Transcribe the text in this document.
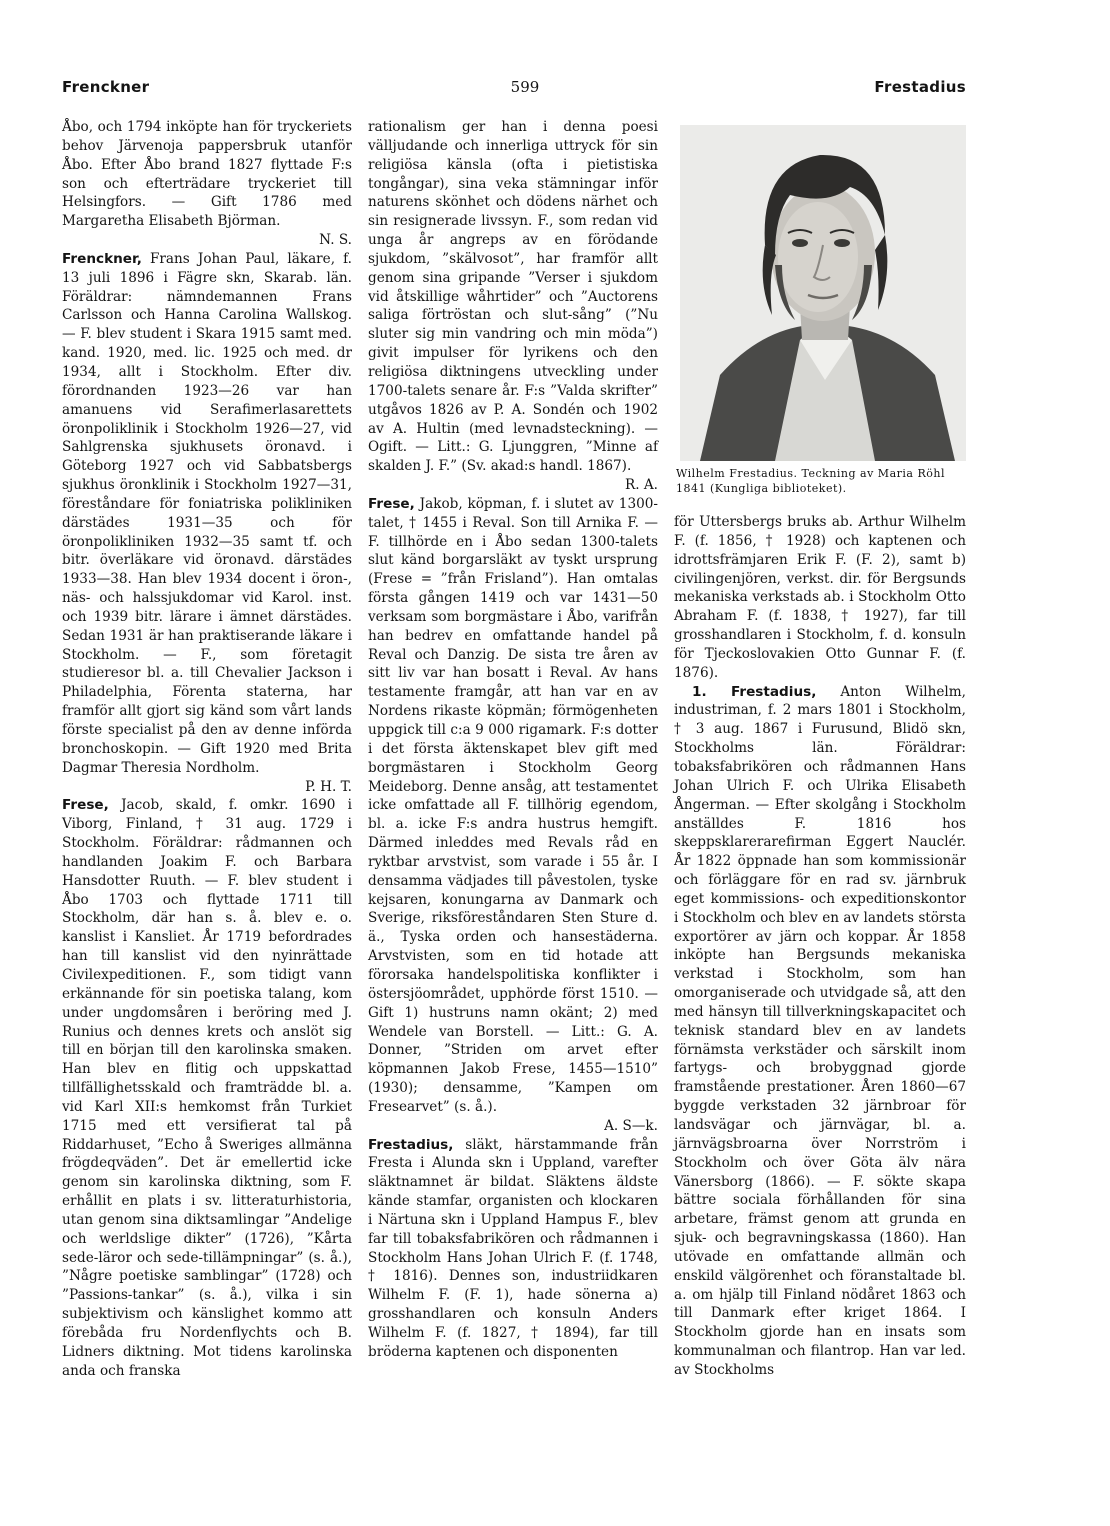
Frenckner	599	Frestadius

Åbo, och 1794 inköpte han för tryckeriets behov Järvenoja pappersbruk utanför Åbo. Efter Åbo brand 1827 flyttade F:s son och efterträdare tryckeriet till Helsingfors. — Gift 1786 med Margaretha Elisabeth Björman.

N. S.

Frenckner, Frans Johan Paul, läkare, f. 13 juli 1896 i Fägre skn, Skarab. län. Föräldrar: nämndemannen Frans Carlsson och Hanna Carolina Wallskog. — F. blev student i Skara 1915 samt med. kand. 1920, med. lic. 1925 och med. dr 1934, allt i Stockholm. Efter div. förordnanden 1923—26 var han amanuens vid Serafimerlasarettets öronpoliklinik i Stockholm 1926—27, vid Sahlgrenska sjukhusets öronavd. i Göteborg 1927 och vid Sabbatsbergs sjukhus öronklinik i Stockholm 1927—31, föreståndare för foniatriska polikliniken därstädes 1931—35 och för öronpolikliniken 1932—35 samt tf. och bitr. överläkare vid öronavd. därstädes 1933—38. Han blev 1934 docent i öron-, näs- och halssjukdomar vid Karol. inst. och 1939 bitr. lärare i ämnet därstädes. Sedan 1931 är han praktiserande läkare i Stockholm. — F., som företagit studieresor bl. a. till Chevalier Jackson i Philadelphia, Förenta staterna, har framför allt gjort sig känd som vårt lands förste specialist på den av denne införda bronchoskopin. — Gift 1920 med Brita Dagmar Theresia Nordholm.

P. H. T.

Frese, Jacob, skald, f. omkr. 1690 i Viborg, Finland, † 31 aug. 1729 i Stockholm. Föräldrar: rådmannen och handlanden Joakim F. och Barbara Hansdotter Ruuth. — F. blev student i Åbo 1703 och flyttade 1711 till Stockholm, där han s. å. blev e. o. kanslist i Kansliet. År 1719 befordrades han till kanslist vid den nyinrättade Civilexpeditionen. F., som tidigt vann erkännande för sin poetiska talang, kom under ungdomsåren i beröring med J. Runius och dennes krets och anslöt sig till en början till den karolinska smaken. Han blev en flitig och uppskattad tillfällighetsskald och framträdde bl. a. vid Karl XII:s hemkomst från Turkiet 1715 med ett versifierat tal på Riddarhuset, ”Echo å Sweriges allmänna frögdeqväden”. Det är emellertid icke genom sin karolinska diktning, som F. erhållit en plats i sv. litteraturhistoria, utan genom sina diktsamlingar ”Andelige och werldslige dikter” (1726), ”Kårta sede-läror och sede-tillämpningar” (s. å.), ”Någre poetiske samblingar” (1728) och ”Passions-tankar” (s. å.), vilka i sin subjektivism och känslighet kommo att förebåda fru Nordenflychts och B. Lidners diktning. Mot tidens karolinska anda och franska

rationalism ger han i denna poesi välljudande och innerliga uttryck för sin religiösa känsla (ofta i pietistiska tongångar), sina veka stämningar inför naturens skönhet och dödens närhet och sin resignerade livssyn. F., som redan vid unga år angreps av en förödande sjukdom, ”skälvosot”, har framför allt genom sina gripande ”Verser i sjukdom vid åtskillige wåhrtider” och ”Auctorens saliga förtröstan och slut-sång” (”Nu sluter sig min vandring och min möda”) givit impulser för lyrikens och den religiösa diktningens utveckling under 1700-talets senare år. F:s ”Valda skrifter” utgåvos 1826 av P. A. Sondén och 1902 av A. Hultin (med levnadsteckning). — Ogift. — Litt.: G. Ljunggren, ”Minne af skalden J. F.” (Sv. akad:s handl. 1867).

R. A.

Frese, Jakob, köpman, f. i slutet av 1300-talet, † 1455 i Reval. Son till Arnika F. — F. tillhörde en i Åbo sedan 1300-talets slut känd borgarsläkt av tyskt ursprung (Frese = ”från Frisland”). Han omtalas första gången 1419 och var 1431—50 verksam som borgmästare i Åbo, varifrån han bedrev en omfattande handel på Reval och Danzig. De sista tre åren av sitt liv var han bosatt i Reval. Av hans testamente framgår, att han var en av Nordens rikaste köpmän; förmögenheten uppgick till c:a 9 000 rigamark. F:s dotter i det första äktenskapet blev gift med borgmästaren i Stockholm Georg Meideborg. Denne ansåg, att testamentet icke omfattade all F. tillhörig egendom, bl. a. icke F:s andra hustrus hemgift. Därmed inleddes med Revals råd en ryktbar arvstvist, som varade i 55 år. I densamma vädjades till påvestolen, tyske kejsaren, konungarna av Danmark och Sverige, riksföreståndaren Sten Sture d. ä., Tyska orden och hansestäderna. Arvstvisten, som en tid hotade att förorsaka handelspolitiska konflikter i östersjöområdet, upphörde först 1510. — Gift 1) hustruns namn okänt; 2) med Wendele van Borstell. — Litt.: G. A. Donner, ”Striden om arvet efter köpmannen Jakob Frese, 1455—1510” (1930); densamme, ”Kampen om Fresearvet” (s. å.).

A. S—k.

Frestadius, släkt, härstammande från Fresta i Alunda skn i Uppland, varefter släktnamnet är bildat. Släktens äldste kände stamfar, organisten och klockaren i Närtuna skn i Uppland Hampus F., blev far till tobaksfabrikören och rådmannen i Stockholm Hans Johan Ulrich F. (f. 1748, † 1816). Dennes son, industriidkaren Wilhelm F. (F. 1), hade sönerna a) grosshandlaren och konsuln Anders Wilhelm F. (f. 1827, † 1894), far till bröderna kaptenen och disponenten

Wilhelm Frestadius. Teckning av Maria Röhl 1841 (Kungliga biblioteket).

för Uttersbergs bruks ab. Arthur Wilhelm F. (f. 1856, † 1928) och kaptenen och idrottsfrämjaren Erik F. (F. 2), samt b) civilingenjören, verkst. dir. för Bergsunds mekaniska verkstads ab. i Stockholm Otto Abraham F. (f. 1838, † 1927), far till grosshandlaren i Stockholm, f. d. konsuln för Tjeckoslovakien Otto Gunnar F. (f. 1876).

1. Frestadius, Anton Wilhelm, industriman, f. 2 mars 1801 i Stockholm, † 3 aug. 1867 i Furusund, Blidö skn, Stockholms län. Föräldrar: tobaksfabrikören och rådmannen Hans Johan Ulrich F. och Ulrika Elisabeth Ångerman. — Efter skolgång i Stockholm anställdes F. 1816 hos skeppsklarerarefirman Eggert Nauclér. År 1822 öppnade han som kommissionär och förläggare för en rad sv. järnbruk eget kommissions- och expeditionskontor i Stockholm och blev en av landets största exportörer av järn och koppar. År 1858 inköpte han Bergsunds mekaniska verkstad i Stockholm, som han omorganiserade och utvidgade så, att den med hänsyn till tillverkningskapacitet och teknisk standard blev en av landets förnämsta verkstäder och särskilt inom fartygs- och brobyggnad gjorde framstående prestationer. Åren 1860—67 byggde verkstaden 32 järnbroar för landsvägar och järnvägar, bl. a. järnvägsbroarna över Norrström i Stockholm och över Göta älv nära Vänersborg (1866). — F. sökte skapa bättre sociala förhållanden för sina arbetare, främst genom att grunda en sjuk- och begravningskassa (1860). Han utövade en omfattande allmän och enskild välgörenhet och föranstaltade bl. a. om hjälp till Finland nödåret 1863 och till Danmark efter kriget 1864. I Stockholm gjorde han en insats som kommunalman och filantrop. Han var led. av Stockholms
